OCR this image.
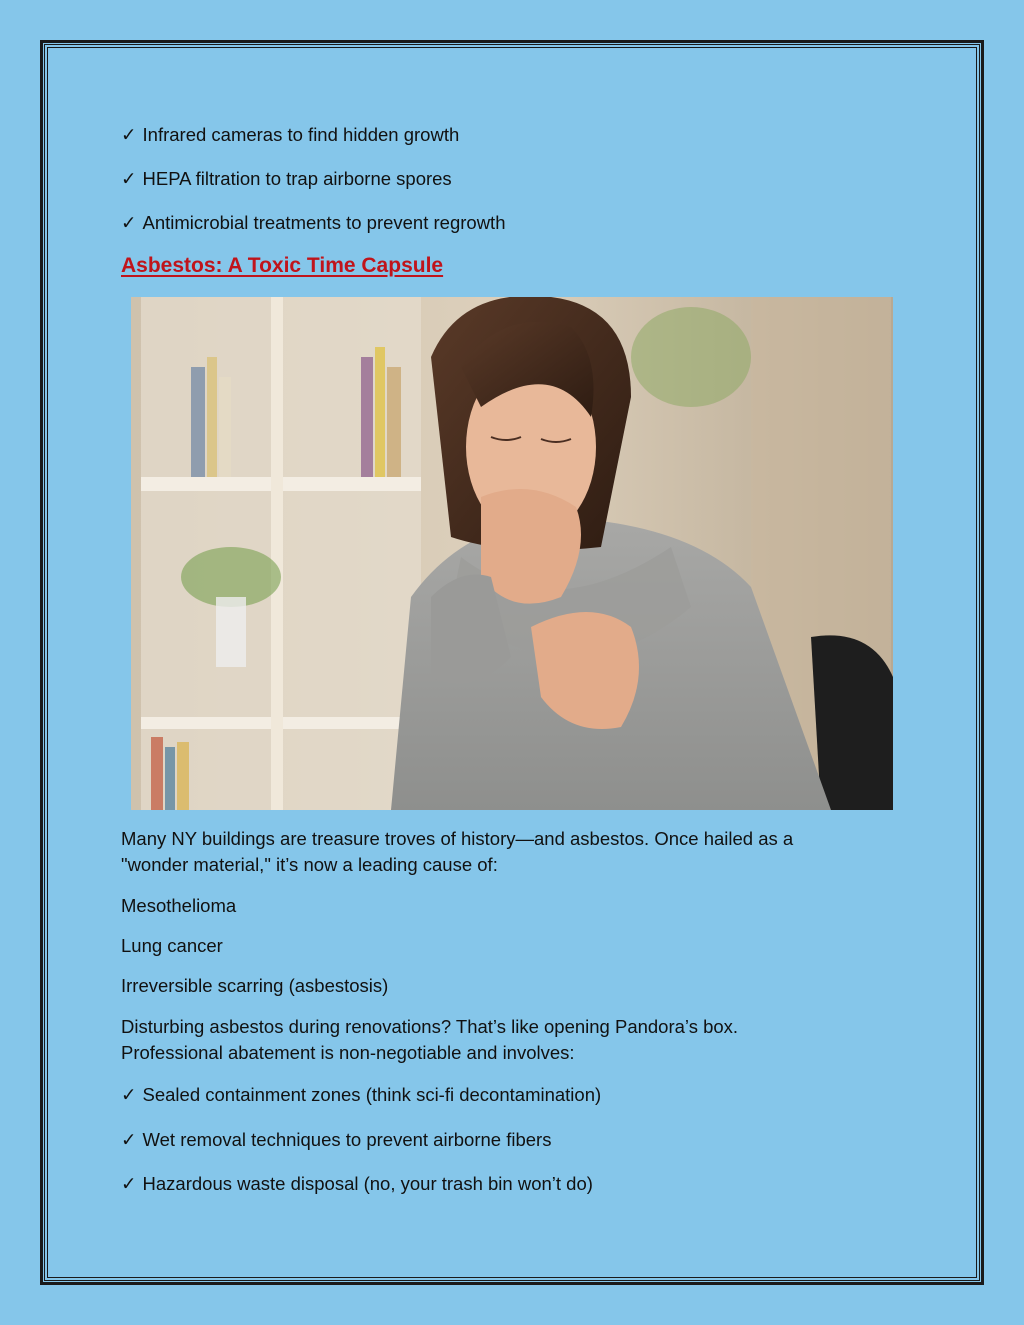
✓ Infrared cameras to find hidden growth
✓ HEPA filtration to trap airborne spores
✓ Antimicrobial treatments to prevent regrowth
Asbestos: A Toxic Time Capsule
Many NY buildings are treasure troves of history—and asbestos. Once hailed as a
"wonder material," it’s now a leading cause of:
Mesothelioma
Lung cancer
Irreversible scarring (asbestosis)
Disturbing asbestos during renovations? That’s like opening Pandora’s box.
Professional abatement is non-negotiable and involves:
✓ Sealed containment zones (think sci-fi decontamination)
✓ Wet removal techniques to prevent airborne fibers
✓ Hazardous waste disposal (no, your trash bin won’t do)
